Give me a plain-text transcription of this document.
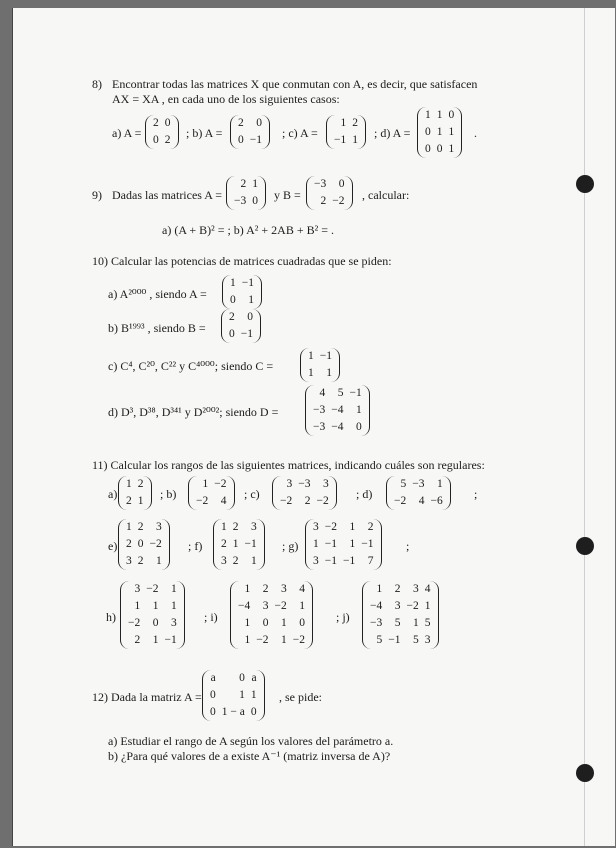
8) Encontrar todas las matrices X que conmutan con A, es decir, que satisfacen
AX = XA , en cada uno de los siguientes casos:
a) A =
2	0
0	2 ; b) A =
2	0
0	−1 ; c) A =
1	2
−1	1 ; d) A =
1	1	0
0	1	1
0	0	1
.
9) Dadas las matrices A =
2	1
−3	0 y B =
−3	0
2	−2 , calcular:
a) (A + B)² = ; b) A² + 2AB + B² = .
10) Calcular las potencias de matrices cuadradas que se piden:
a) A²⁰⁰⁰ , siendo A =
1	−1
0	1
b) B¹⁹⁹³ , siendo B =
2	0
0	−1
c) C⁴, C²⁰, C²² y C⁴⁰⁰⁰; siendo C =
1	−1
1	1
d) D³, D³⁸, D³⁴¹ y D²⁰⁰²; siendo D =
4	5	−1
−3	−4	1
−3	−4	0
11) Calcular los rangos de las siguientes matrices, indicando cuáles son regulares:
a)
1	2
2	1 ; b)
1	−2
−2	4 ; c)
3	−3	3
−2	2	−2 ; d)
5	−3	1
−2	4	−6	;
e)
1	2	3
2	0	−2
3	2	1
; f)
1	2	3
2	1	−1
3	2	1
; g)
3	−2	1	2
1	−1	1	−1
3	−1	−1	7
;
h)
3	−2	1
1	1	1
−2	0	3
2	1	−1
; i)
1	2	3	4
−4	3	−2	1
1	0	1	0
1	−2	1	−2
; j)
1	2	3	4
−4	3	−2	1
−3	5	1	5
5	−1	5	3
12) Dada la matriz A =
a	0	a
0	1	1
0	1 − a	0
, se pide:
a) Estudiar el rango de A según los valores del parámetro a.
b) ¿Para qué valores de a existe A⁻¹ (matriz inversa de A)?
